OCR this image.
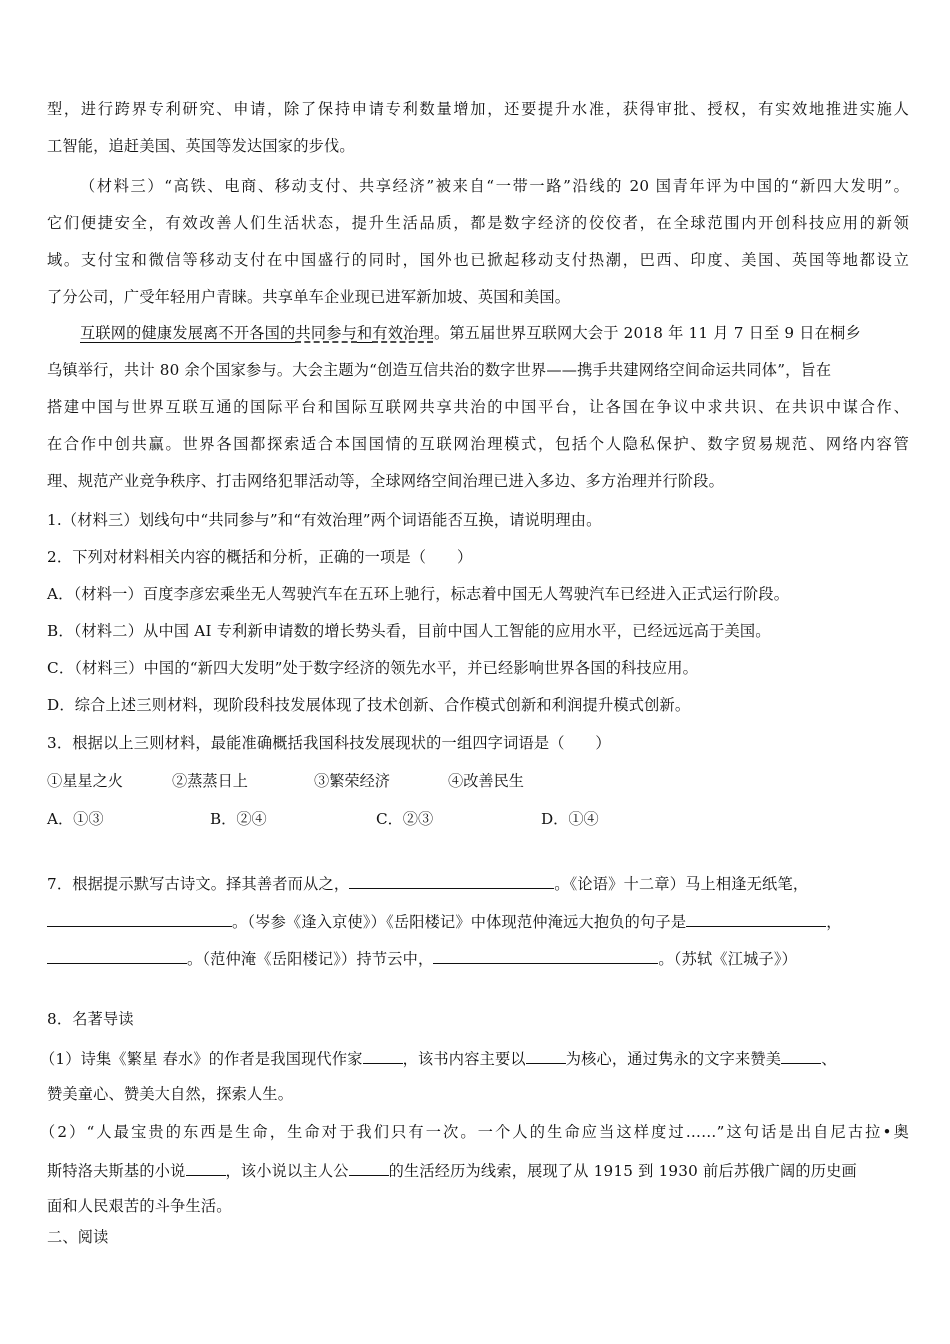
型，进行跨界专利研究、申请，除了保持申请专利数量增加，还要提升水准，获得审批、授权，有实效地推进实施人
工智能，追赶美国、英国等发达国家的步伐。
（材料三）“高铁、电商、移动支付、共享经济”被来自“一带一路”沿线的 20 国青年评为中国的“新四大发明”。
它们便捷安全，有效改善人们生活状态，提升生活品质，都是数字经济的佼佼者，在全球范围内开创科技应用的新领
域。支付宝和微信等移动支付在中国盛行的同时，国外也已掀起移动支付热潮，巴西、印度、美国、英国等地都设立
了分公司，广受年轻用户青睐。共享单车企业现已进军新加坡、英国和美国。
互联网的健康发展离不开各国的共同参与和有效治理。第五届世界互联网大会于 2018 年 11 月 7 日至 9 日在桐乡
乌镇举行，共计 80 余个国家参与。大会主题为“创造互信共治的数字世界——携手共建网络空间命运共同体”，旨在
搭建中国与世界互联互通的国际平台和国际互联网共享共治的中国平台，让各国在争议中求共识、在共识中谋合作、
在合作中创共赢。世界各国都探索适合本国国情的互联网治理模式，包括个人隐私保护、数字贸易规范、网络内容管
理、规范产业竞争秩序、打击网络犯罪活动等，全球网络空间治理已进入多边、多方治理并行阶段。
1.（材料三）划线句中“共同参与”和“有效治理”两个词语能否互换，请说明理由。
2．下列对材料相关内容的概括和分析，正确的一项是（　　）
A．（材料一）百度李彦宏乘坐无人驾驶汽车在五环上驰行，标志着中国无人驾驶汽车已经进入正式运行阶段。
B．（材料二）从中国 AI 专利新申请数的增长势头看，目前中国人工智能的应用水平，已经远远高于美国。
C．（材料三）中国的“新四大发明”处于数字经济的领先水平，并已经影响世界各国的科技应用。
D．综合上述三则材料，现阶段科技发展体现了技术创新、合作模式创新和利润提升模式创新。
3．根据以上三则材料，最能准确概括我国科技发展现状的一组四字词语是（　　）
①星星之火	②蒸蒸日上	③繁荣经济	④改善民生
A．①③	B．②④	C．②③	D．①④
7．根据提示默写古诗文。择其善者而从之，	。《论语》十二章）马上相逢无纸笔，
。（岑参《逢入京使》）《岳阳楼记》中体现范仲淹远大抱负的句子是	，
。（范仲淹《岳阳楼记》）持节云中，	。（苏轼《江城子》）
8．名著导读
（1）诗集《繁星 春水》的作者是我国现代作家	，该书内容主要以	为核心，通过隽永的文字来赞美	、
赞美童心、赞美大自然，探索人生。
（2）“人最宝贵的东西是生命，生命对于我们只有一次。一个人的生命应当这样度过……”这句话是出自尼古拉•奥
斯特洛夫斯基的小说	，该小说以主人公	的生活经历为线索，展现了从 1915 到 1930 前后苏俄广阔的历史画
面和人民艰苦的斗争生活。
二、阅读
